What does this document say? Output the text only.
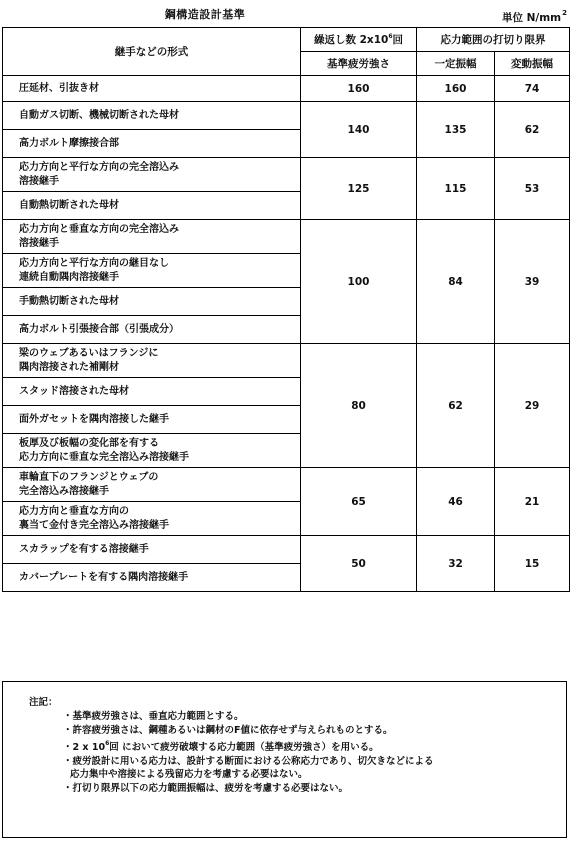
鋼構造設計基準	単位 $N/mm^2$
継手などの形式	繰返し数 $2x10^6$回	応力範囲の打切り限界	
	基準疲労強さ	一定振幅	変動振幅

圧延材、引抜き材	160	160	74

自動ガス切断、機械切断された母材	140	135	62

高力ボルト摩擦接合部			

応力方向と平行な方向の完全溶込み
溶接継手	125	115	53

自動熱切断された母材			

応力方向と垂直な方向の完全溶込み
溶接継手	100	84	39

応力方向と平行な方向の継目なし
連続自動隅肉溶接継手			

手動熱切断された母材			

高力ボルト引張接合部（引張成分）			

梁のウェブあるいはフランジに
隅肉溶接された補剛材	80	62	29

スタッド溶接された母材			

面外ガセットを隅肉溶接した継手			

板厚及び板幅の変化部を有する
応力方向に垂直な完全溶込み溶接継手			

車輪直下のフランジとウェブの
完全溶込み溶接継手	65	46	21

応力方向と垂直な方向の
裏当て金付き完全溶込み溶接継手			

スカラップを有する溶接継手	50	32	15

カバープレートを有する隅肉溶接継手			
注記：
・基準疲労強さは、垂直応力範囲とする。
・許容疲労強さは、鋼種あるいは鋼材のF値に依存せず与えられものとする。
・2 x $10^6$回 において疲労破壊する応力範囲（基準疲労強さ）を用いる。
・疲労設計に用いる応力は、設計する断面における公称応力であり、切欠きなどによる
応力集中や溶接による残留応力を考慮する必要はない。
・打切り限界以下の応力範囲振幅は、疲労を考慮する必要はない。
